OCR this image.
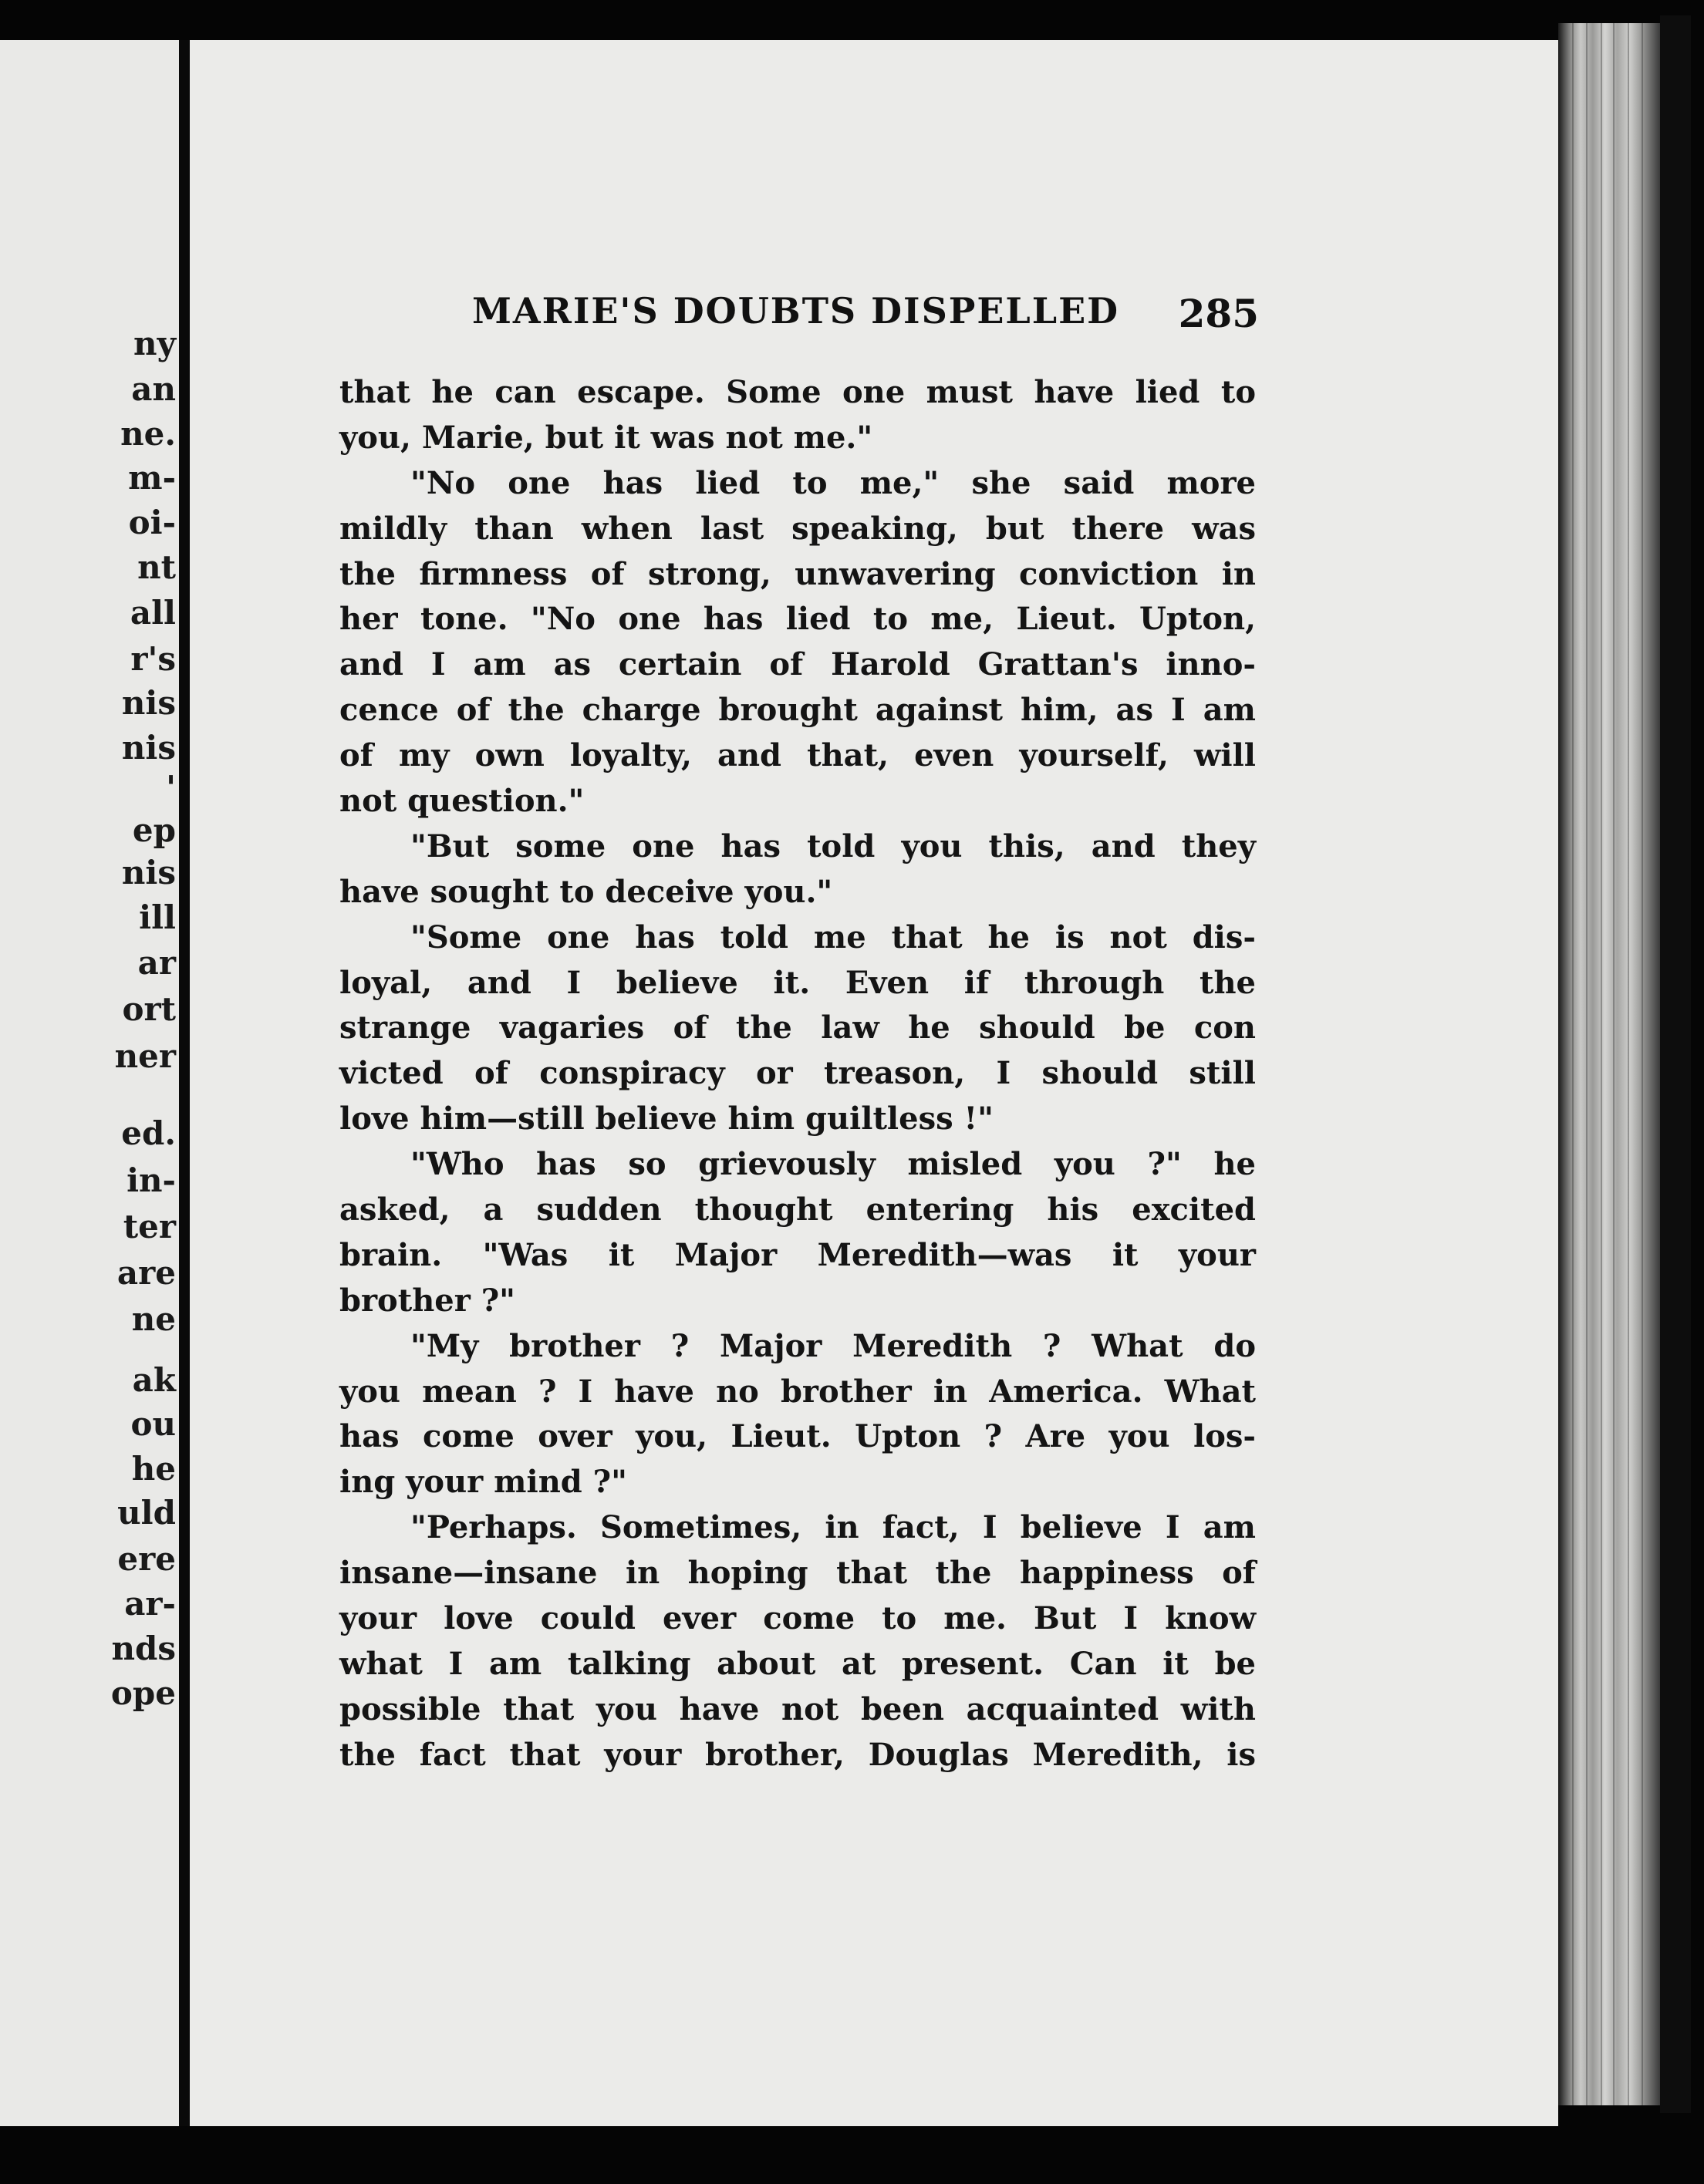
ny
an
ne.
m-
oi-
nt
all
r's
nis
nis
'
ep
nis
ill
ar
ort
ner
ed.
in-
ter
are
ne
ak
ou
he
uld
ere
ar-
nds
ope
MARIE'S DOUBTS DISPELLED 285
that he can escape. Some one must have lied to
you, Marie, but it was not me."
"No one has lied to me," she said more
mildly than when last speaking, but there was
the firmness of strong, unwavering conviction in
her tone. "No one has lied to me, Lieut. Upton,
and I am as certain of Harold Grattan's inno-
cence of the charge brought against him, as I am
of my own loyalty, and that, even yourself, will
not question."
"But some one has told you this, and they
have sought to deceive you."
"Some one has told me that he is not dis-
loyal, and I believe it. Even if through the
strange vagaries of the law he should be con
victed of conspiracy or treason, I should still
love him—still believe him guiltless !"
"Who has so grievously misled you ?" he
asked, a sudden thought entering his excited
brain. "Was it Major Meredith—was it your
brother ?"
"My brother ? Major Meredith ? What do
you mean ? I have no brother in America. What
has come over you, Lieut. Upton ? Are you los-
ing your mind ?"
"Perhaps. Sometimes, in fact, I believe I am
insane—insane in hoping that the happiness of
your love could ever come to me. But I know
what I am talking about at present. Can it be
possible that you have not been acquainted with
the fact that your brother, Douglas Meredith, is
